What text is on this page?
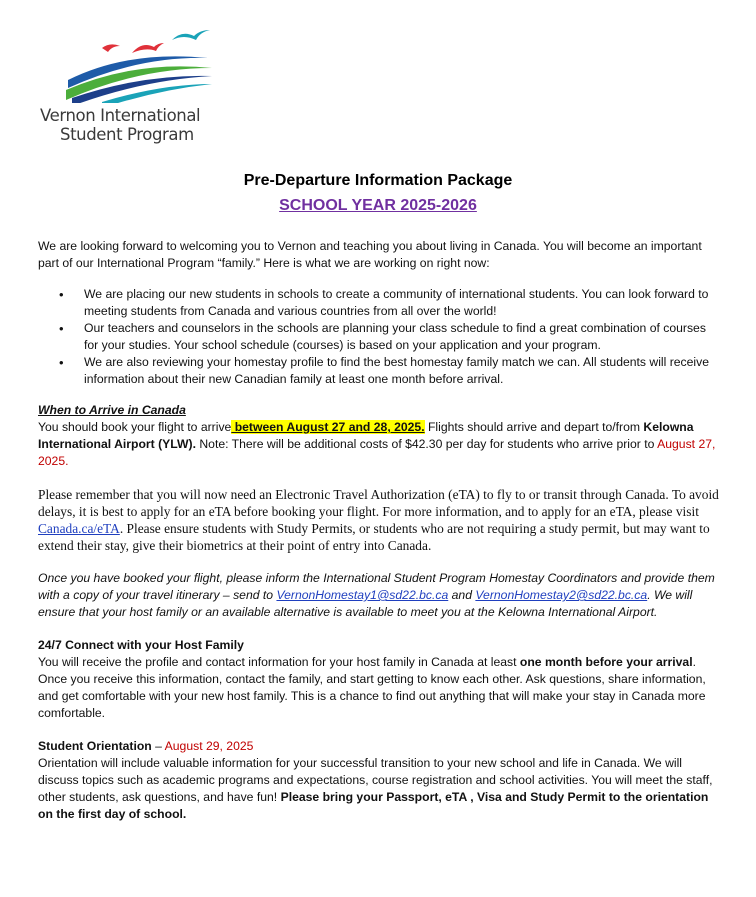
Vernon International
Student Program
Pre-Departure Information Package
SCHOOL YEAR 2025-2026

We are looking forward to welcoming you to Vernon and teaching you about living in Canada. You will become an important part of our International Program “family.” Here is what we are working on right now:

• We are placing our new students in schools to create a community of international students. You can look forward to meeting students from Canada and various countries from all over the world!
• Our teachers and counselors in the schools are planning your class schedule to find a great combination of courses for your studies. Your school schedule (courses) is based on your application and your program.
• We are also reviewing your homestay profile to find the best homestay family match we can. All students will receive information about their new Canadian family at least one month before arrival.

When to Arrive in Canada

You should book your flight to arrive between August 27 and 28, 2025. Flights should arrive and depart to/from Kelowna International Airport (YLW). Note: There will be additional costs of $42.30 per day for students who arrive prior to August 27, 2025.

Please remember that you will now need an Electronic Travel Authorization (eTA) to fly to or transit through Canada. To avoid delays, it is best to apply for an eTA before booking your flight. For more information, and to apply for an eTA, please visit Canada.ca/eTA. Please ensure students with Study Permits, or students who are not requiring a study permit, but may want to extend their stay, give their biometrics at their point of entry into Canada.

Once you have booked your flight, please inform the International Student Program Homestay Coordinators and provide them with a copy of your travel itinerary – send to VernonHomestay1@sd22.bc.ca and VernonHomestay2@sd22.bc.ca. We will ensure that your host family or an available alternative is available to meet you at the Kelowna International Airport.

24/7 Connect with your Host Family

You will receive the profile and contact information for your host family in Canada at least one month before your arrival. Once you receive this information, contact the family, and start getting to know each other. Ask questions, share information, and get comfortable with your new host family. This is a chance to find out anything that will make your stay in Canada more comfortable.

Student Orientation – August 29, 2025

Orientation will include valuable information for your successful transition to your new school and life in Canada. We will discuss topics such as academic programs and expectations, course registration and school activities. You will meet the staff, other students, ask questions, and have fun! Please bring your Passport, eTA , Visa and Study Permit to the orientation on the first day of school.
